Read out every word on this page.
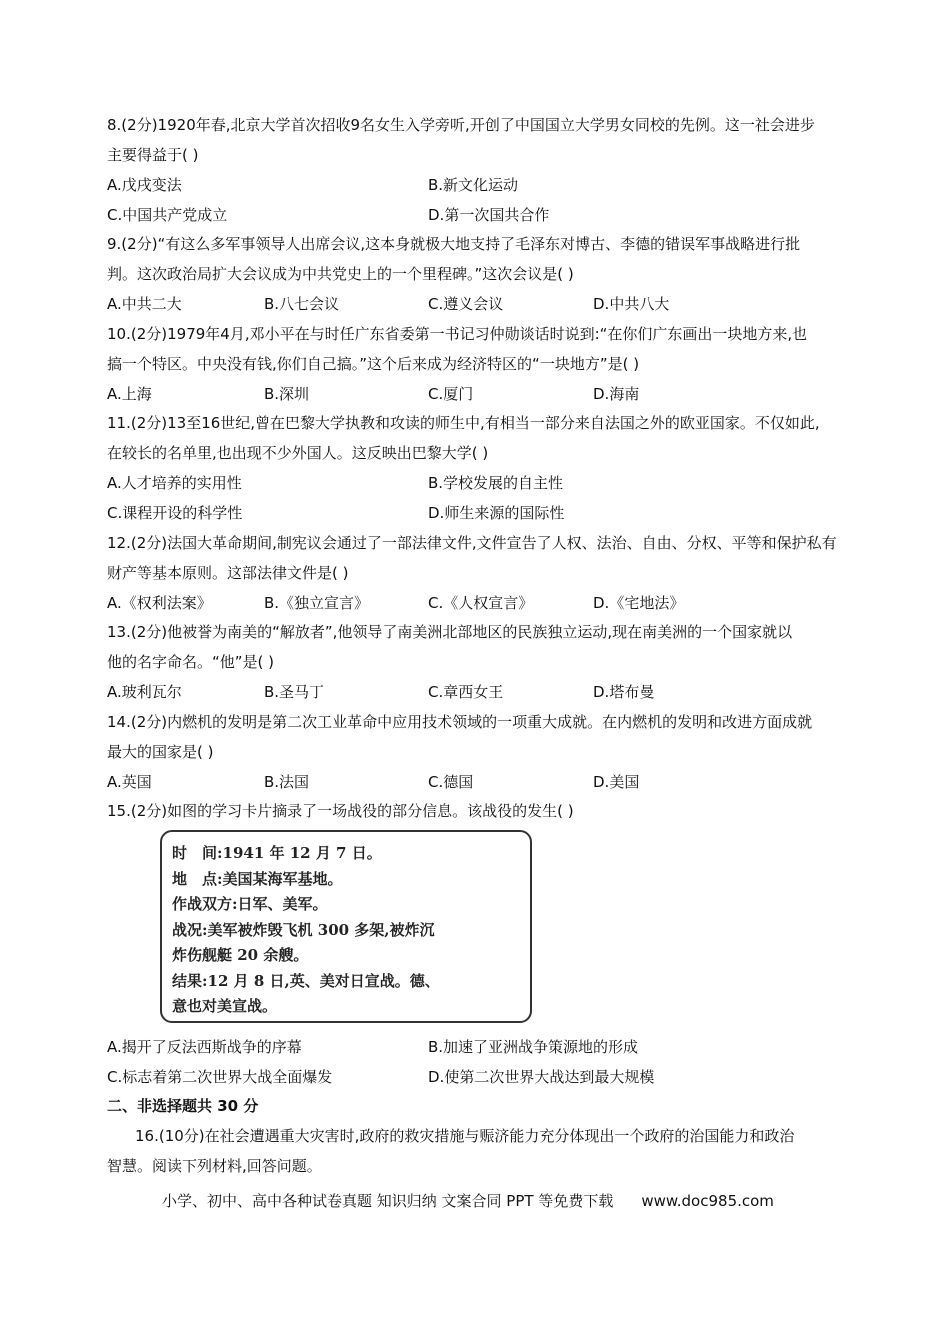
8.(2分)1920年春,北京大学首次招收9名女生入学旁听,开创了中国国立大学男女同校的先例。这一社会进步
主要得益于( )
A.戊戌变法	B.新文化运动
C.中国共产党成立	D.第一次国共合作
9.(2分)“有这么多军事领导人出席会议,这本身就极大地支持了毛泽东对博古、李德的错误军事战略进行批
判。这次政治局扩大会议成为中共党史上的一个里程碑。”这次会议是( )
A.中共二大	B.八七会议	C.遵义会议	D.中共八大
10.(2分)1979年4月,邓小平在与时任广东省委第一书记习仲勋谈话时说到:“在你们广东画出一块地方来,也
搞一个特区。中央没有钱,你们自己搞。”这个后来成为经济特区的“一块地方”是( )
A.上海	B.深圳	C.厦门	D.海南
11.(2分)13至16世纪,曾在巴黎大学执教和攻读的师生中,有相当一部分来自法国之外的欧亚国家。不仅如此,
在较长的名单里,也出现不少外国人。这反映出巴黎大学( )
A.人才培养的实用性	B.学校发展的自主性
C.课程开设的科学性	D.师生来源的国际性
12.(2分)法国大革命期间,制宪议会通过了一部法律文件,文件宣告了人权、法治、自由、分权、平等和保护私有
财产等基本原则。这部法律文件是( )
A.《权利法案》	B.《独立宣言》	C.《人权宣言》	D.《宅地法》
13.(2分)他被誉为南美的“解放者”,他领导了南美洲北部地区的民族独立运动,现在南美洲的一个国家就以
他的名字命名。“他”是( )
A.玻利瓦尔	B.圣马丁	C.章西女王	D.塔布曼
14.(2分)内燃机的发明是第二次工业革命中应用技术领域的一项重大成就。在内燃机的发明和改进方面成就
最大的国家是( )
A.英国	B.法国	C.德国	D.美国
15.(2分)如图的学习卡片摘录了一场战役的部分信息。该战役的发生( )
时　间:1941 年 12 月 7 日。
地　点:美国某海军基地。
作战双方:日军、美军。
战况:美军被炸毁飞机 300 多架,被炸沉
炸伤舰艇 20 余艘。
结果:12 月 8 日,英、美对日宣战。德、
意也对美宣战。
A.揭开了反法西斯战争的序幕	B.加速了亚洲战争策源地的形成
C.标志着第二次世界大战全面爆发	D.使第二次世界大战达到最大规模
二、非选择题共 30 分
16.(10分)在社会遭遇重大灾害时,政府的救灾措施与赈济能力充分体现出一个政府的治国能力和政治
智慧。阅读下列材料,回答问题。
小学、初中、高中各种试卷真题 知识归纳 文案合同 PPT 等免费下载 www.doc985.com
